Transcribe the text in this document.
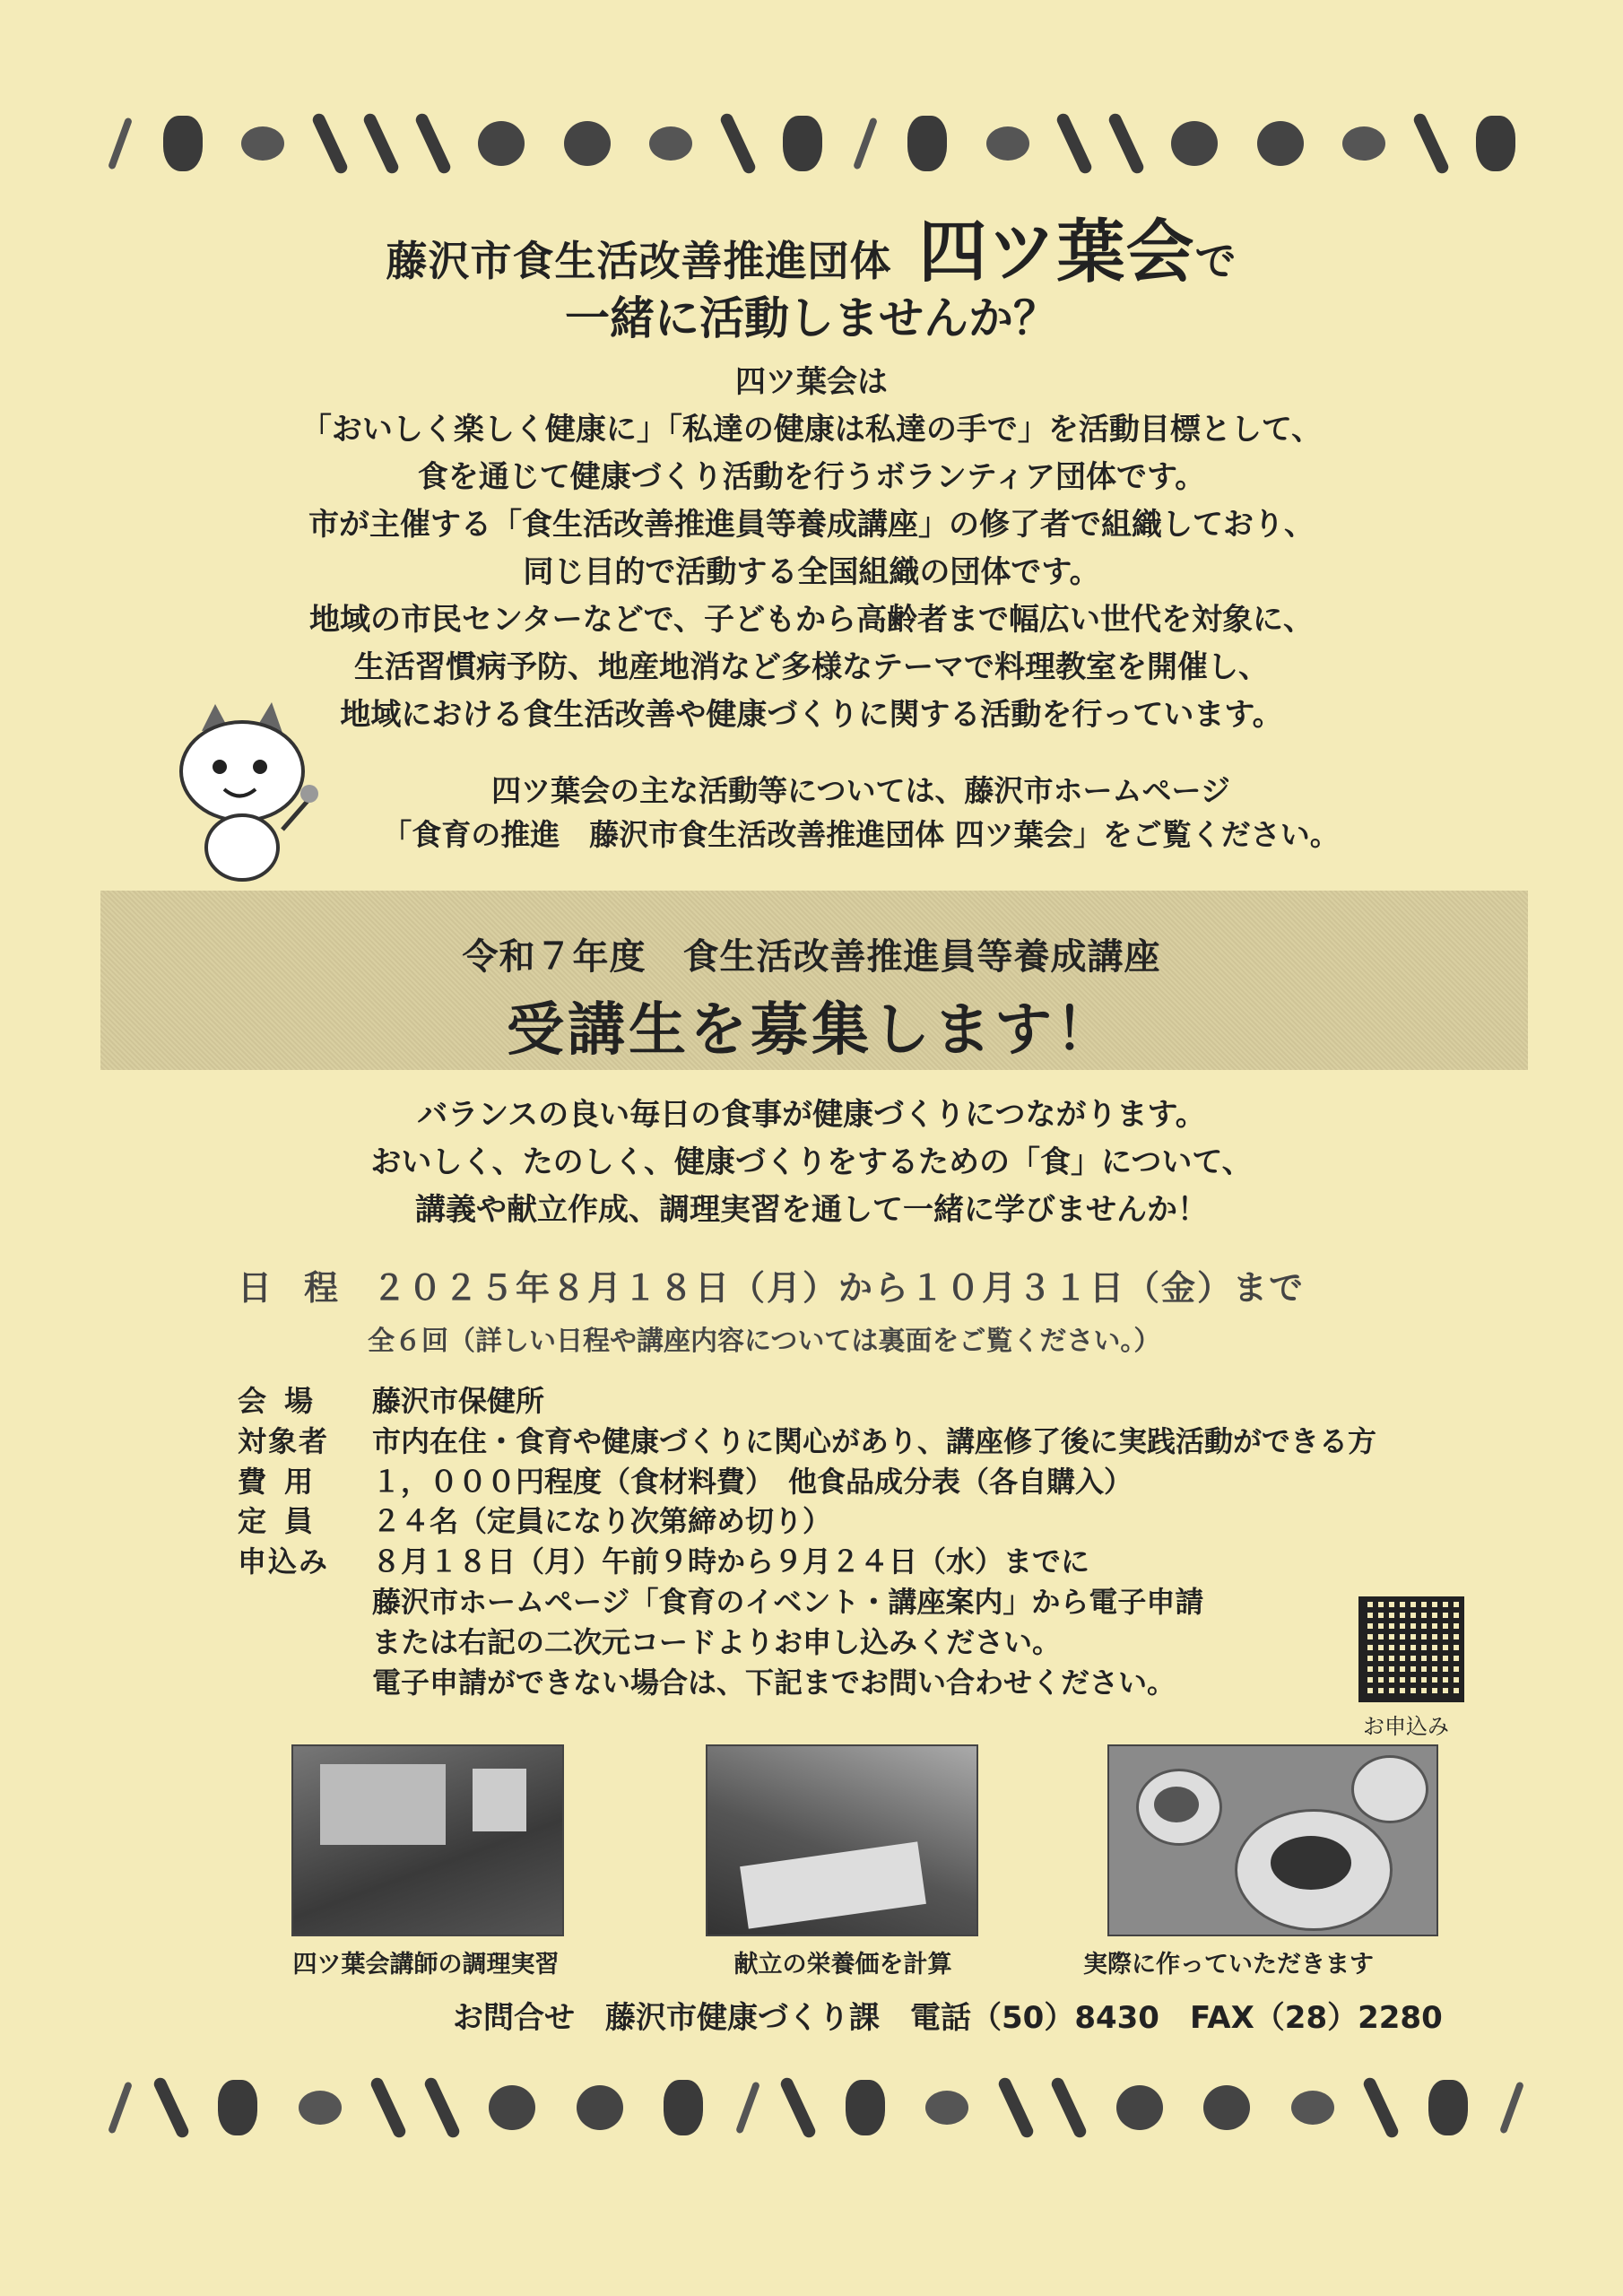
藤沢市食生活改善推進団体 四ツ葉会で
一緒に活動しませんか？

四ツ葉会は

「おいしく楽しく健康に」「私達の健康は私達の手で」を活動目標として、

食を通じて健康づくり活動を行うボランティア団体です。

市が主催する「食生活改善推進員等養成講座」の修了者で組織しており、

同じ目的で活動する全国組織の団体です。

地域の市民センターなどで、子どもから高齢者まで幅広い世代を対象に、

生活習慣病予防、地産地消など多様なテーマで料理教室を開催し、

地域における食生活改善や健康づくりに関する活動を行っています。

四ツ葉会の主な活動等については、藤沢市ホームページ

「食育の推進　藤沢市食生活改善推進団体 四ツ葉会」をご覧ください。

令和７年度　食生活改善推進員等養成講座
受講生を募集します！

バランスの良い毎日の食事が健康づくりにつながります。

おいしく、たのしく、健康づくりをするための「食」について、

講義や献立作成、調理実習を通して一緒に学びませんか！

日程２０２５年８月１８日（月）から１０月３１日（金）まで
全６回（詳しい日程や講座内容については裏面をご覧ください。）
会場 藤沢市保健所
対象者 市内在住・食育や健康づくりに関心があり、講座修了後に実践活動ができる方
費用 １，０００円程度（食材料費）　他食品成分表（各自購入）
定員 ２４名（定員になり次第締め切り）
申込み ８月１８日（月）午前９時から９月２４日（水）までに
藤沢市ホームページ「食育のイベント・講座案内」から電子申請
または右記の二次元コードよりお申し込みください。
電子申請ができない場合は、下記までお問い合わせください。
お申込み
四ツ葉会講師の調理実習	献立の栄養価を計算	実際に作っていただきます
お問合せ 藤沢市健康づくり課 電話（50）8430 FAX（28）2280
